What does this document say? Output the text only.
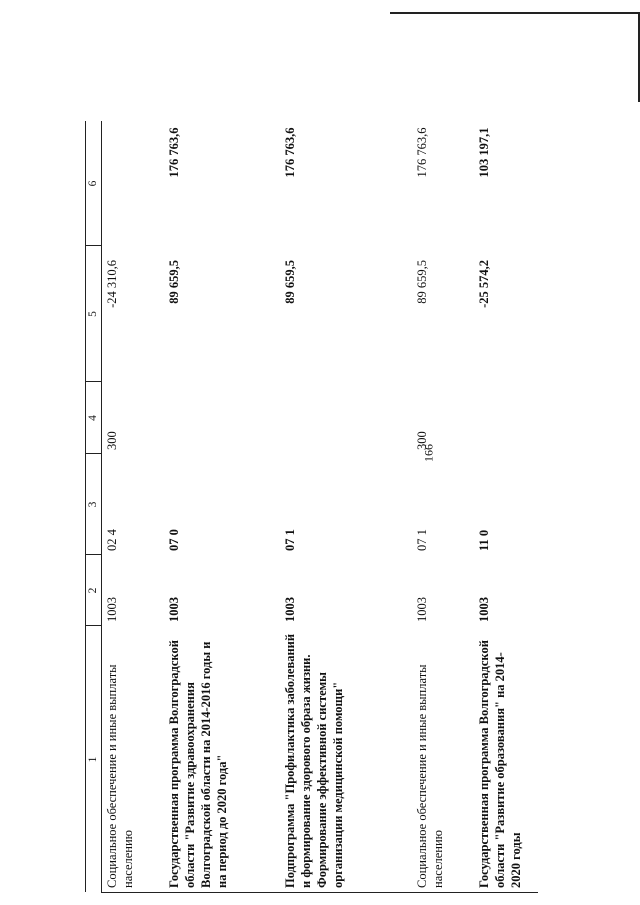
166
1	2	3	4	5	6
Социальное обеспечение и иные выплаты населению	1003	02 4	300	-24 310,6	
Государственная программа Волгоградской области "Развитие здравоохранения Волгоградской области на 2014-2016 годы и на период до 2020 года"	1003	07 0		89 659,5	176 763,6
Подпрограмма "Профилактика заболеваний и формирование здорового образа жизни. Формирование эффективной системы организации медицинской помощи"	1003	07 1		89 659,5	176 763,6
Социальное обеспечение и иные выплаты населению	1003	07 1	300	89 659,5	176 763,6
Государственная программа Волгоградской области "Развитие образования" на 2014-2020 годы	1003	11 0		-25 574,2	103 197,1
